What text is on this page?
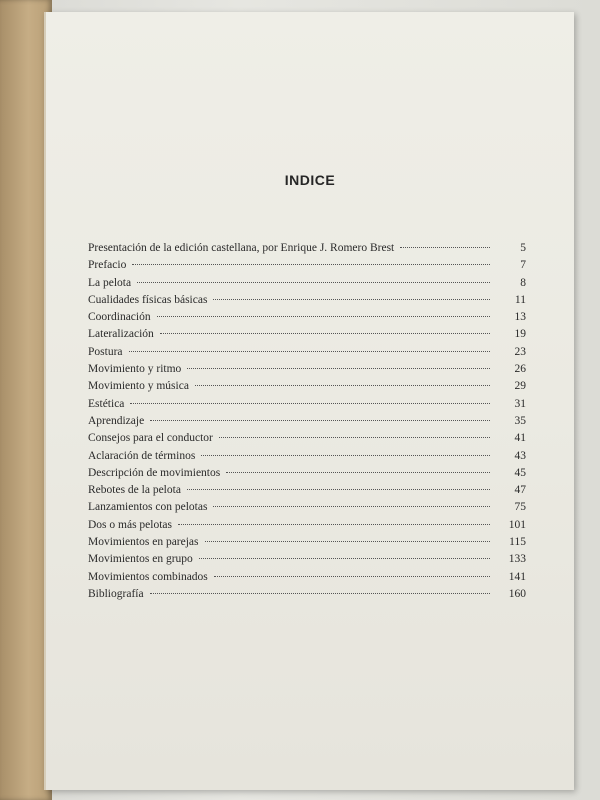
INDICE
Presentación de la edición castellana, por Enrique J. Romero Brest	5
Prefacio	7
La pelota	8
Cualidades físicas básicas	11
Coordinación	13
Lateralización	19
Postura	23
Movimiento y ritmo	26
Movimiento y música	29
Estética	31
Aprendizaje	35
Consejos para el conductor	41
Aclaración de términos	43
Descripción de movimientos	45
Rebotes de la pelota	47
Lanzamientos con pelotas	75
Dos o más pelotas	101
Movimientos en parejas	115
Movimientos en grupo	133
Movimientos combinados	141
Bibliografía	160
